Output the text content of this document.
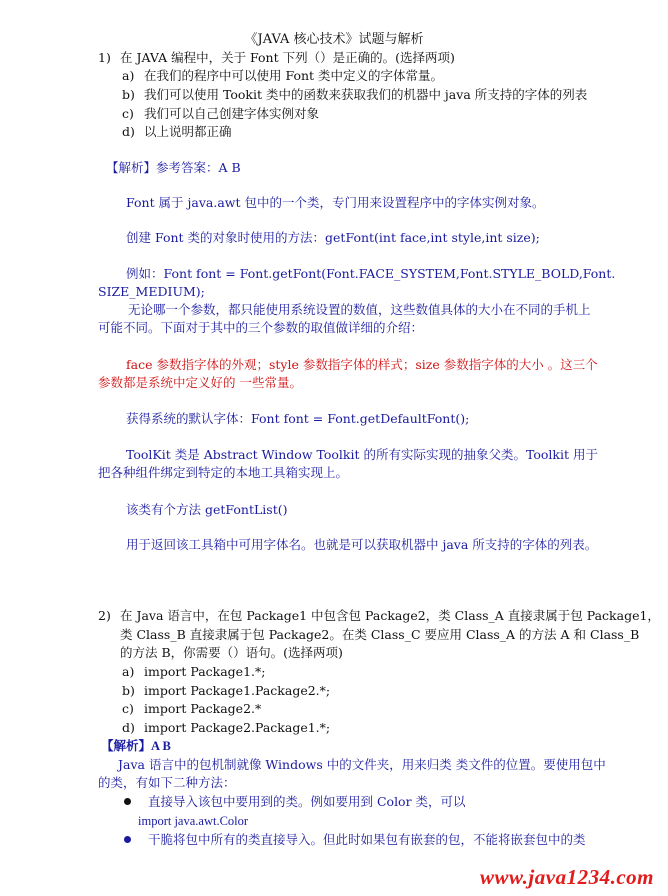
《JAVA 核心技术》试题与解析
1) 在 JAVA 编程中，关于 Font 下列（）是正确的。(选择两项)
a) 在我们的程序中可以使用 Font 类中定义的字体常量。
b) 我们可以使用 Tookit 类中的函数来获取我们的机器中 java 所支持的字体的列表
c) 我们可以自己创建字体实例对象
d) 以上说明都正确
【解析】参考答案：A B
Font 属于 java.awt 包中的一个类，专门用来设置程序中的字体实例对象。
创建 Font 类的对象时使用的方法：getFont(int face,int style,int size);
例如：Font font = Font.getFont(Font.FACE_SYSTEM,Font.STYLE_BOLD,Font.
SIZE_MEDIUM);
无论哪一个参数，都只能使用系统设置的数值，这些数值具体的大小在不同的手机上
可能不同。下面对于其中的三个参数的取值做详细的介绍：
face 参数指字体的外观；style 参数指字体的样式；size 参数指字体的大小 。这三个
参数都是系统中定义好的 一些常量。
获得系统的默认字体：Font font = Font.getDefaultFont();
ToolKit 类是 Abstract Window Toolkit 的所有实际实现的抽象父类。Toolkit 用于
把各种组件绑定到特定的本地工具箱实现上。
该类有个方法 getFontList()
用于返回该工具箱中可用字体名。也就是可以获取机器中 java 所支持的字体的列表。
2) 在 Java 语言中，在包 Package1 中包含包 Package2，类 Class_A 直接隶属于包 Package1，
类 Class_B 直接隶属于包 Package2。在类 Class_C 要应用 Class_A 的方法 A 和 Class_B
的方法 B，你需要（）语句。(选择两项)
a) import Package1.*;
b) import Package1.Package2.*;
c) import Package2.*
d) import Package2.Package1.*;
【解析】A B
Java 语言中的包机制就像 Windows 中的文件夹，用来归类 类文件的位置。要使用包中
的类，有如下二种方法：
直接导入该包中要用到的类。例如要用到 Color 类，可以
import java.awt.Color
干脆将包中所有的类直接导入。但此时如果包有嵌套的包，不能将嵌套包中的类
www.java1234.com
